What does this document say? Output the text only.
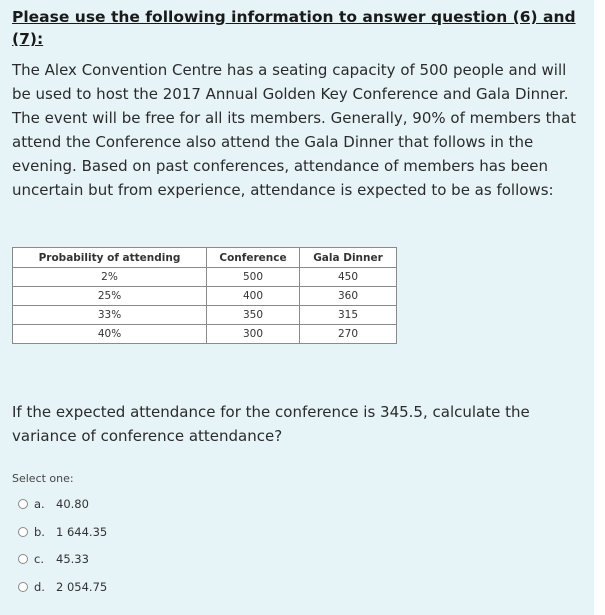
Please use the following information to answer question (6) and (7):

The Alex Convention Centre has a seating capacity of 500 people and will be used to host the 2017 Annual Golden Key Conference and Gala Dinner. The event will be free for all its members. Generally, 90% of members that attend the Conference also attend the Gala Dinner that follows in the evening. Based on past conferences, attendance of members has been uncertain but from experience, attendance is expected to be as follows:

Probability of attending	Conference	Gala Dinner
2%	500	450
25%	400	360
33%	350	315
40%	300	270

If the expected attendance for the conference is 345.5, calculate the variance of conference attendance?

Select one:
a. 40.80
b. 1 644.35
c.	45.33
d. 2 054.75
